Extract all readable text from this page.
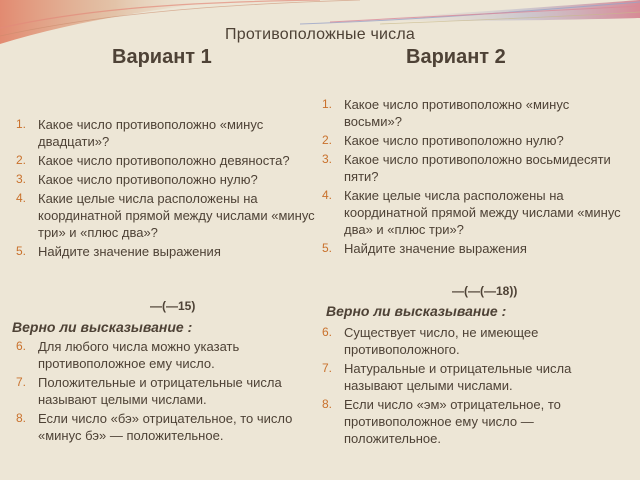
Противоположные числа
Вариант 1	Вариант 2
1. Какое число противоположно «минус двадцати»?
2. Какое число противоположно девяноста?
3. Какое число противоположно нулю?
4. Какие целые числа расположены на координатной прямой между числами «минус три» и «плюс два»?
5. Найдите значение выражения
—(—15)
Верно ли высказывание :
6. Для любого числа можно указать противоположное ему число.
7. Положительные и отрицательные числа называют целыми числами.
8. Если число «бэ» отрицательное, то число «минус бэ» — положительное.
1. Какое число противоположно «минус восьми»?
2. Какое число противоположно нулю?
3. Какое число противоположно восьмидесяти пяти?
4. Какие целые числа расположены на координатной прямой между числами «минус два» и «плюс три»?
5. Найдите значение выражения
—(—(—18))
Верно ли высказывание :
6. Существует число, не имеющее противоположного.
7. Натуральные и отрицательные числа называют целыми числами.
8. Если число «эм» отрицательное, то противоположное ему число — положительное.
